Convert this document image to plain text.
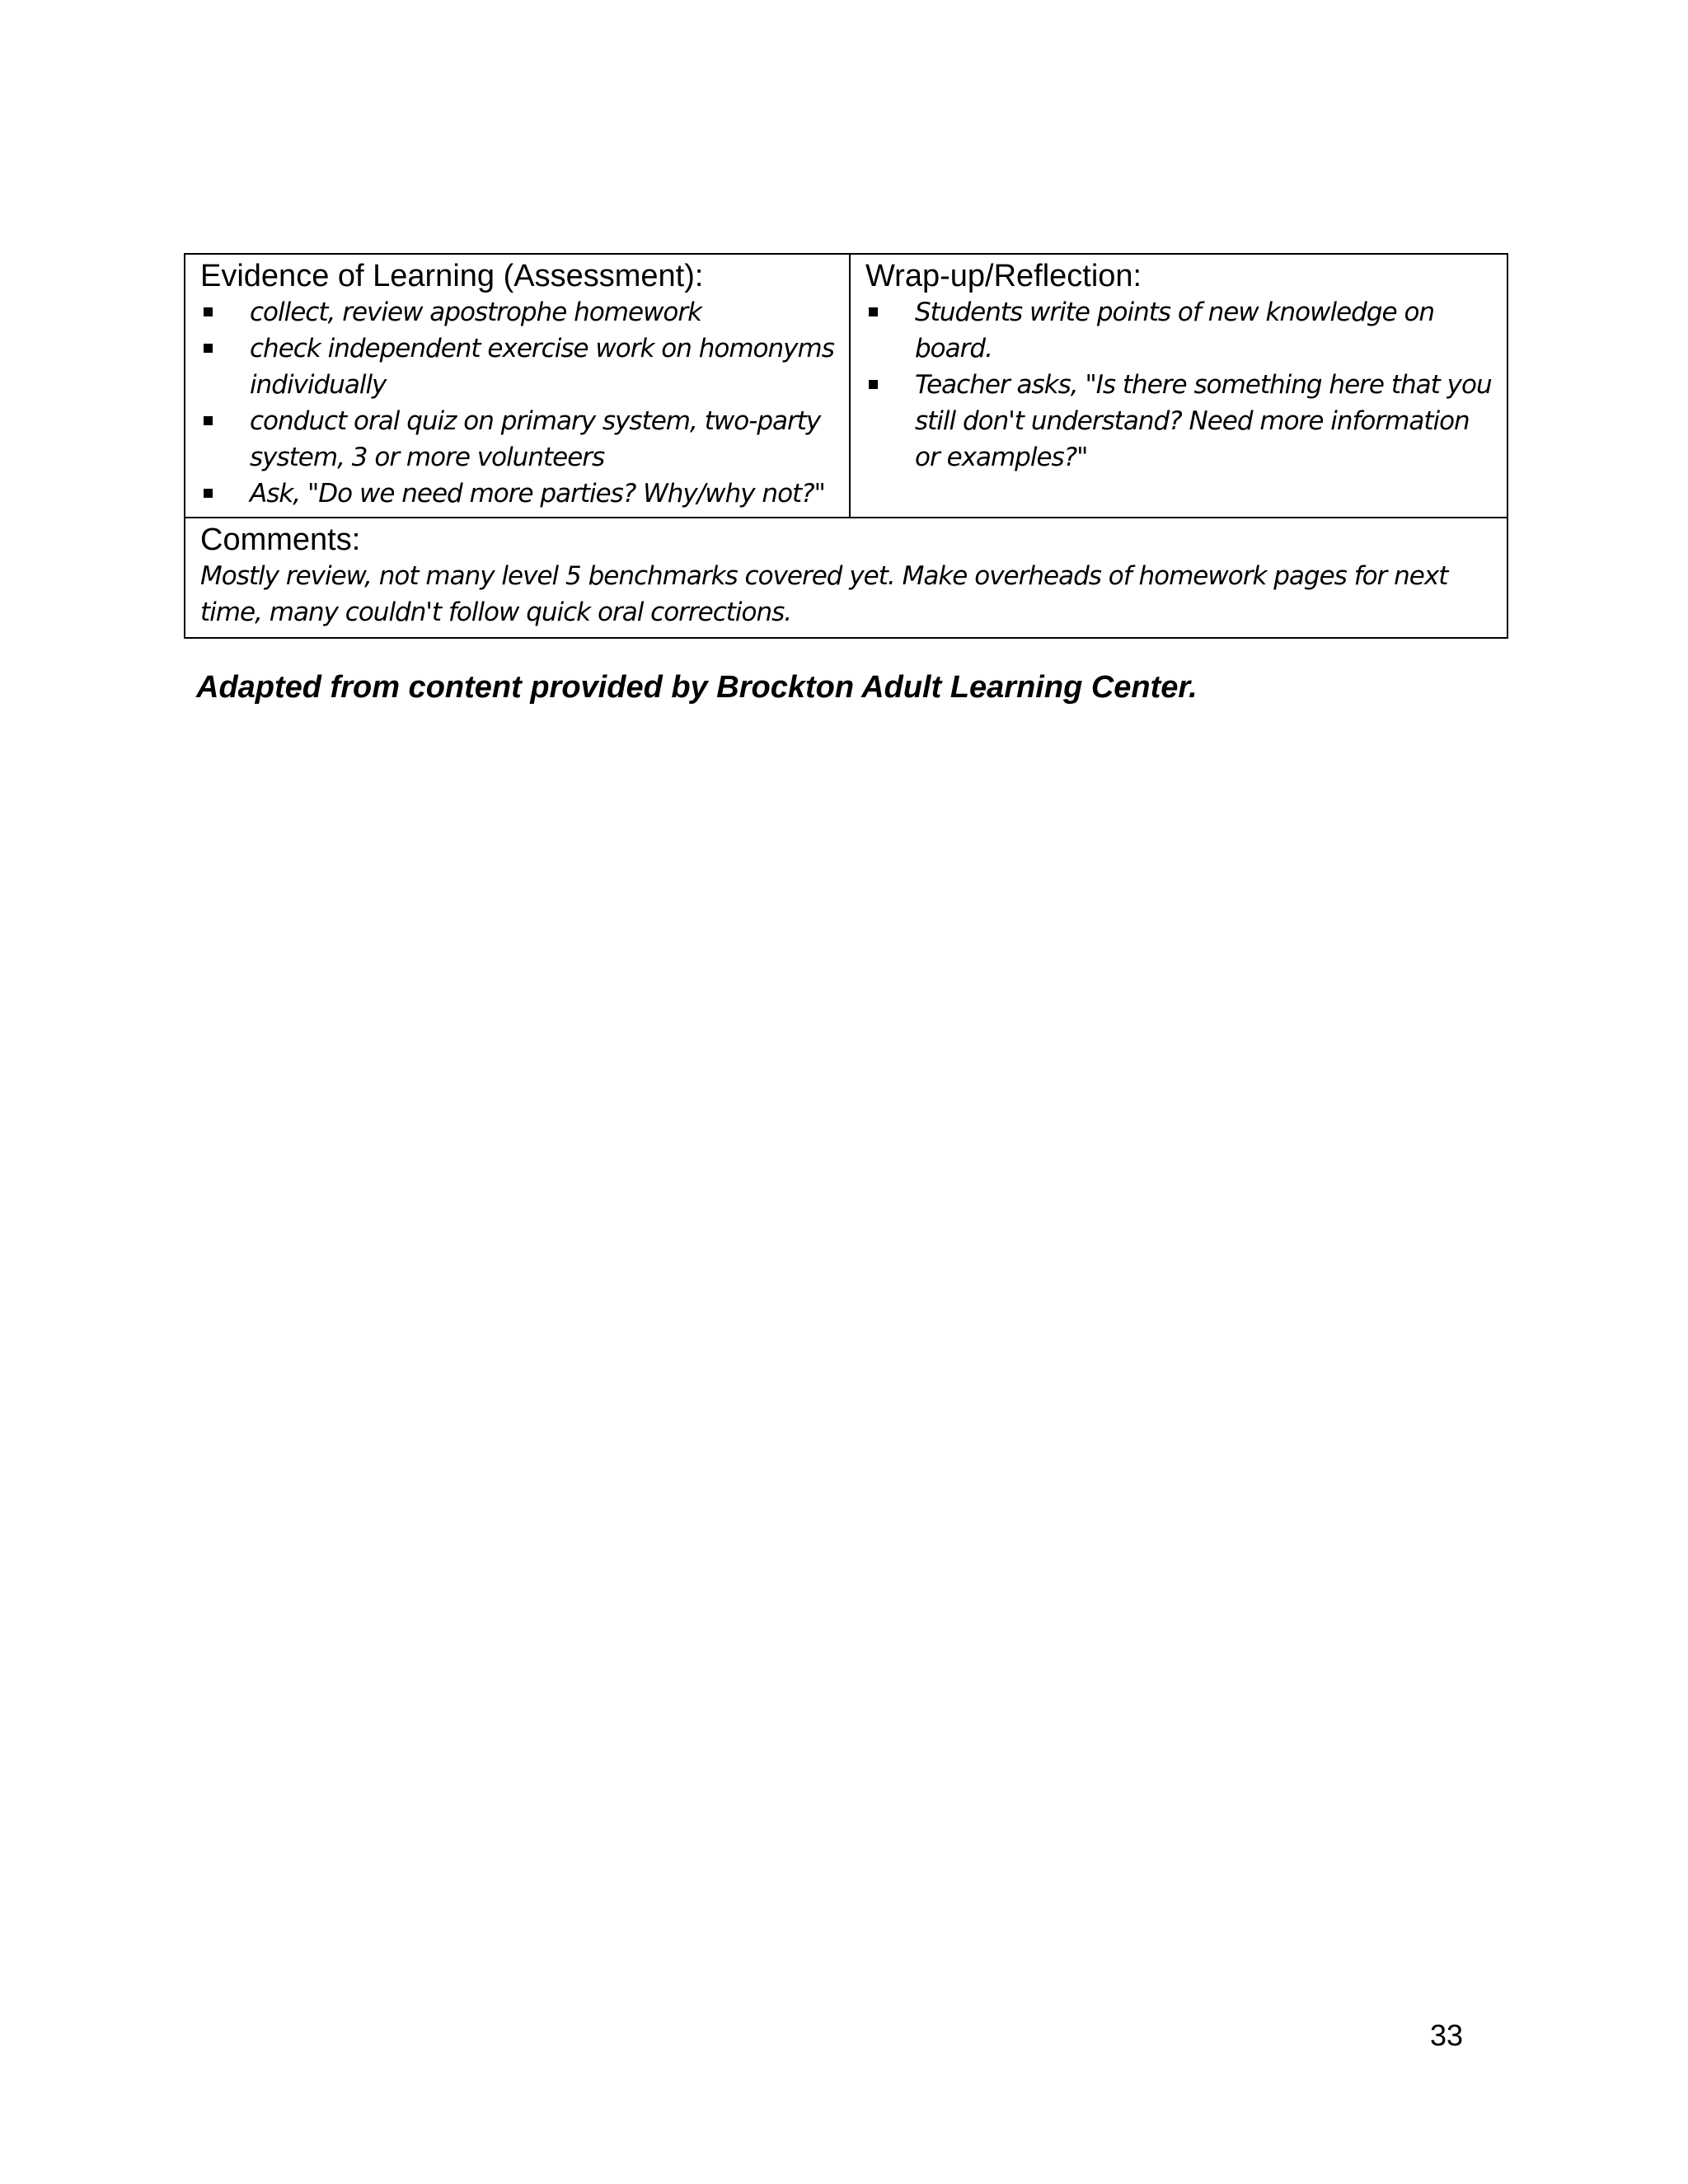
Evidence of Learning (Assessment):

collect, review apostrophe homework
check independent exercise work on homonyms individually
conduct oral quiz on primary system, two-party system, 3 or more volunteers
Ask, "Do we need more parties? Why/why not?"

Wrap-up/Reflection:

Students write points of new knowledge on board.
Teacher asks, "Is there something here that you still don't understand? Need more information or examples?"

Comments:

Mostly review, not many level 5 benchmarks covered yet. Make overheads of homework pages for next time, many couldn't follow quick oral corrections.

Adapted from content provided by Brockton Adult Learning Center.

33
